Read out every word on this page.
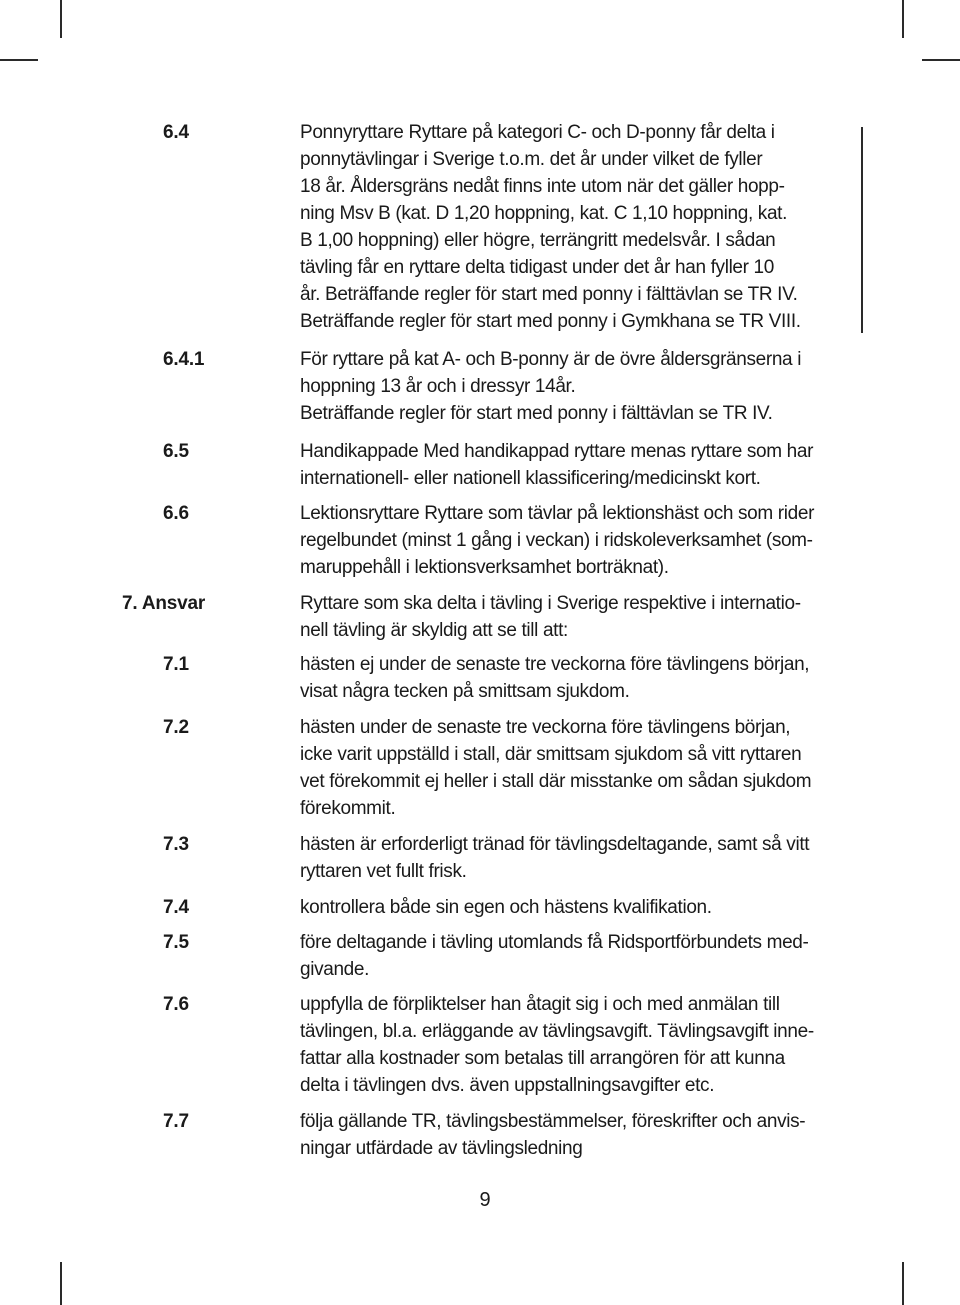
6.4	Ponnyryttare Ryttare på kategori C- och D-ponny får delta i
ponnytävlingar i Sverige t.o.m. det år under vilket de fyller
18 år. Åldersgräns nedåt finns inte utom när det gäller hopp-
ning Msv B (kat. D 1,20 hoppning, kat. C 1,10 hoppning, kat.
B 1,00 hoppning) eller högre, terrängritt medelsvår. I sådan
tävling får en ryttare delta tidigast under det år han fyller 10
år. Beträffande regler för start med ponny i fälttävlan se TR IV.
Beträffande regler för start med ponny i Gymkhana se TR VIII.
6.4.1	För ryttare på kat A- och B-ponny är de övre åldersgränserna i
hoppning 13 år och i dressyr 14år.
Beträffande regler för start med ponny i fälttävlan se TR IV.
6.5	Handikappade Med handikappad ryttare menas ryttare som har
internationell- eller nationell klassificering/medicinskt kort.
6.6	Lektionsryttare Ryttare som tävlar på lektionshäst och som rider
regelbundet (minst 1 gång i veckan) i ridskoleverksamhet (som-
maruppehåll i lektionsverksamhet borträknat).
7. Ansvar	Ryttare som ska delta i tävling i Sverige respektive i internatio-
nell tävling är skyldig att se till att:
7.1	hästen ej under de senaste tre veckorna före tävlingens början,
visat några tecken på smittsam sjukdom.
7.2	hästen under de senaste tre veckorna före tävlingens början,
icke varit uppställd i stall, där smittsam sjukdom så vitt ryttaren
vet förekommit ej heller i stall där misstanke om sådan sjukdom
förekommit.
7.3	hästen är erforderligt tränad för tävlingsdeltagande, samt så vitt
ryttaren vet fullt frisk.
7.4	kontrollera både sin egen och hästens kvalifikation.
7.5	före deltagande i tävling utomlands få Ridsportförbundets med-
givande.
7.6	uppfylla de förpliktelser han åtagit sig i och med anmälan till
tävlingen, bl.a. erläggande av tävlingsavgift. Tävlingsavgift inne-
fattar alla kostnader som betalas till arrangören för att kunna
delta i tävlingen dvs. även uppstallningsavgifter etc.
7.7	följa gällande TR, tävlingsbestämmelser, föreskrifter och anvis-
ningar utfärdade av tävlingsledning
9
